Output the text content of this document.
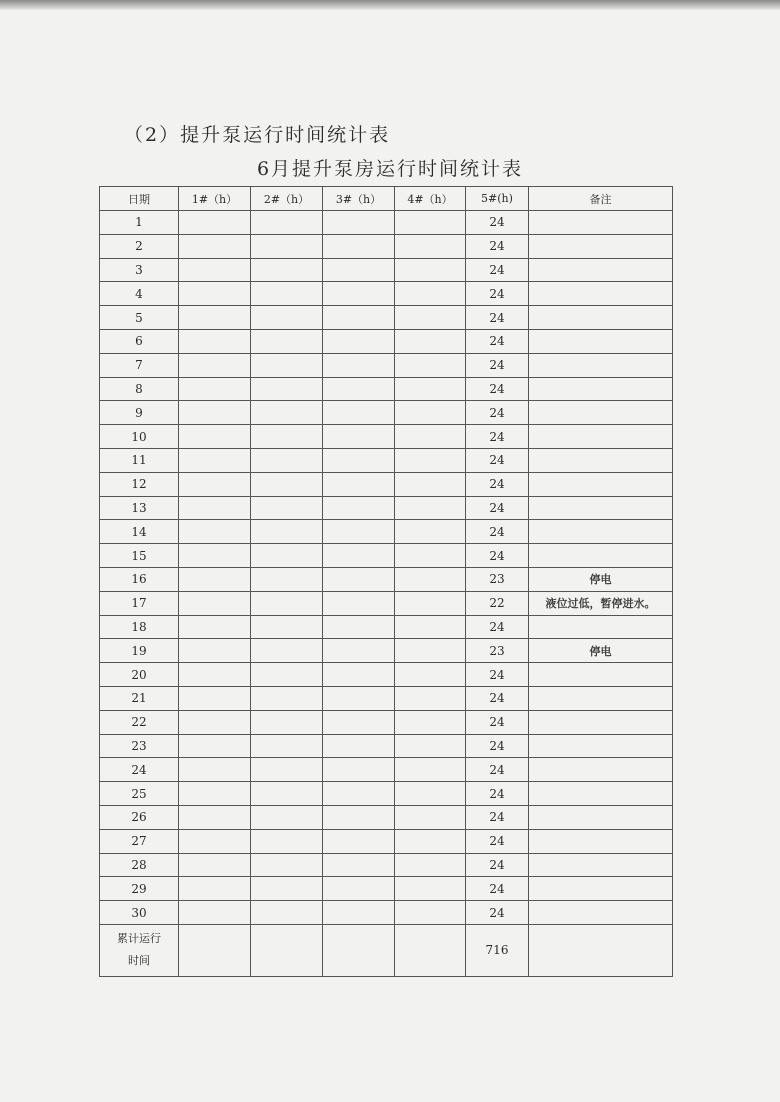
（2）提升泵运行时间统计表
6月提升泵房运行时间统计表
日期	1#（h）	2#（h）	3#（h）	4#（h）	5#(h)	备注
1					24	
2					24	
3					24	
4					24	
5					24	
6					24	
7					24	
8					24	
9					24	
10					24	
11					24	
12					24	
13					24	
14					24	
15					24	
16					23	停电
17					22	液位过低，暂停进水。
18					24	
19					23	停电
20					24	
21					24	
22					24	
23					24	
24					24	
25					24	
26					24	
27					24	
28					24	
29					24	
30					24	
累计运行
时间					716	
